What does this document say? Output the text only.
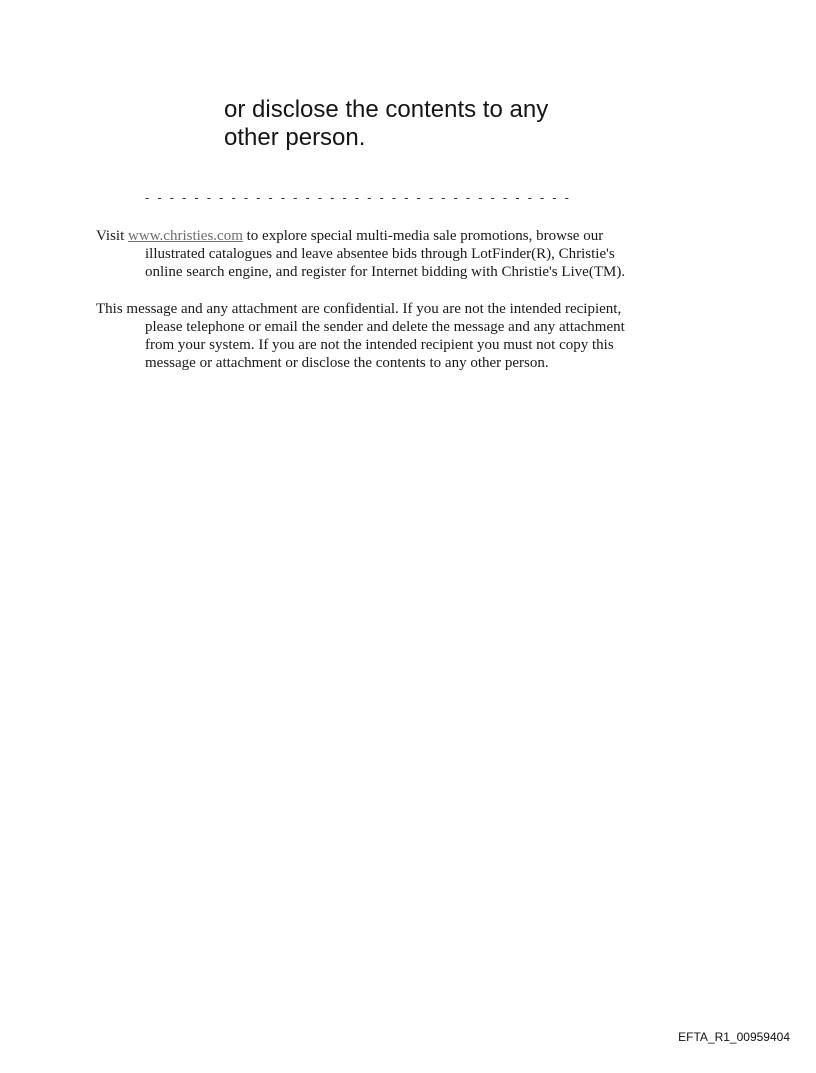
or disclose the contents to any
other person.
- - - - - - - - - - - - - - - - - - - - - - - - - - - - - - - - - - -
Visit www.christies.com to explore special multi-media sale promotions, browse our
illustrated catalogues and leave absentee bids through LotFinder(R), Christie's
online search engine, and register for Internet bidding with Christie's Live(TM).
This message and any attachment are confidential. If you are not the intended recipient,
please telephone or email the sender and delete the message and any attachment
from your system. If you are not the intended recipient you must not copy this
message or attachment or disclose the contents to any other person.
EFTA_R1_00959404
